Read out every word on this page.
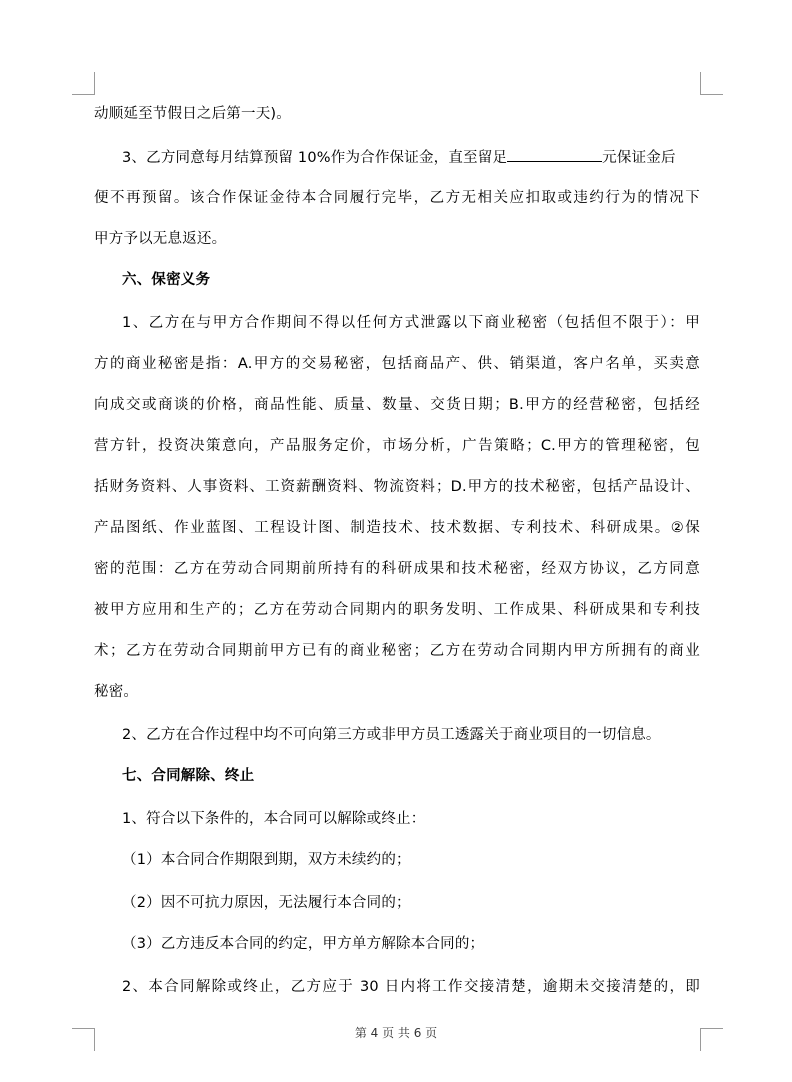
动顺延至节假日之后第一天)。
3、乙方同意每月结算预留 10%作为合作保证金，直至留足	元保证金后
便不再预留。该合作保证金待本合同履行完毕，乙方无相关应扣取或违约行为的情况下
甲方予以无息返还。
六、保密义务
1、乙方在与甲方合作期间不得以任何方式泄露以下商业秘密（包括但不限于）：甲
方的商业秘密是指：A.甲方的交易秘密，包括商品产、供、销渠道，客户名单，买卖意
向成交或商谈的价格，商品性能、质量、数量、交货日期；B.甲方的经营秘密，包括经
营方针，投资决策意向，产品服务定价，市场分析，广告策略；C.甲方的管理秘密，包
括财务资料、人事资料、工资薪酬资料、物流资料；D.甲方的技术秘密，包括产品设计、
产品图纸、作业蓝图、工程设计图、制造技术、技术数据、专利技术、科研成果。②保
密的范围：乙方在劳动合同期前所持有的科研成果和技术秘密，经双方协议，乙方同意
被甲方应用和生产的；乙方在劳动合同期内的职务发明、工作成果、科研成果和专利技
术；乙方在劳动合同期前甲方已有的商业秘密；乙方在劳动合同期内甲方所拥有的商业
秘密。
2、乙方在合作过程中均不可向第三方或非甲方员工透露关于商业项目的一切信息。
七、合同解除、终止
1、符合以下条件的，本合同可以解除或终止：
（1）本合同合作期限到期，双方未续约的；
（2）因不可抗力原因，无法履行本合同的；
（3）乙方违反本合同的约定，甲方单方解除本合同的；
2、本合同解除或终止，乙方应于 30 日内将工作交接清楚，逾期未交接清楚的，即
第 4 页 共 6 页
